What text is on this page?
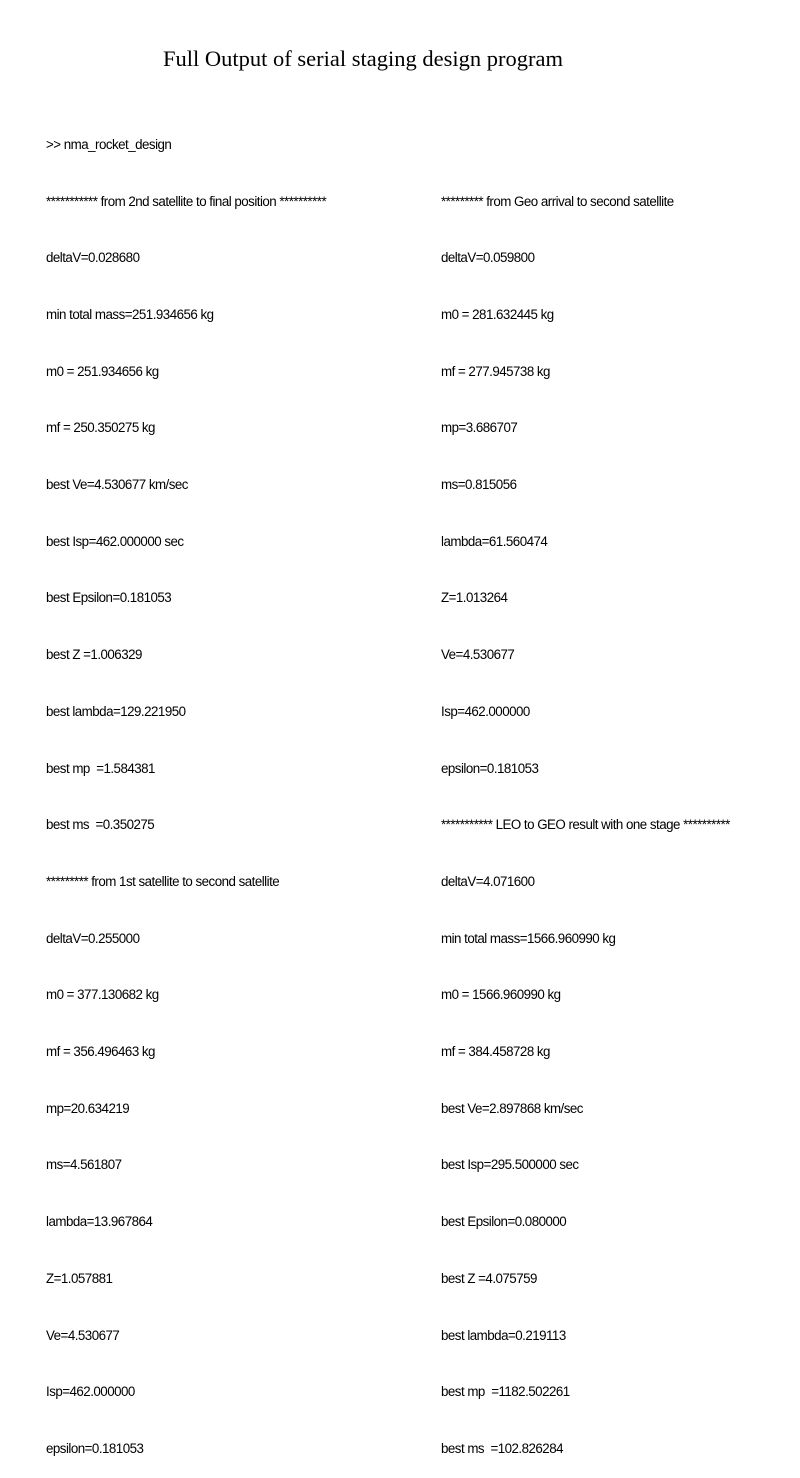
Full Output of serial staging design program

>> nma_rocket_design

*********** from 2nd satellite to final position **********

deltaV=0.028680

min total mass=251.934656 kg

m0 = 251.934656 kg

mf = 250.350275 kg

best Ve=4.530677 km/sec

best Isp=462.000000 sec

best Epsilon=0.181053

best Z =1.006329

best lambda=129.221950

best mp  =1.584381

best ms  =0.350275

********* from 1st satellite to second satellite

deltaV=0.255000

m0 = 377.130682 kg

mf = 356.496463 kg

mp=20.634219

ms=4.561807

lambda=13.967864

Z=1.057881

Ve=4.530677

Isp=462.000000

epsilon=0.181053

********* from Geo arrival to second satellite

deltaV=0.059800

m0 = 281.632445 kg

mf = 277.945738 kg

mp=3.686707

ms=0.815056

lambda=61.560474

Z=1.013264

Ve=4.530677

Isp=462.000000

epsilon=0.181053

*********** LEO to GEO result with one stage **********

deltaV=4.071600

min total mass=1566.960990 kg

m0 = 1566.960990 kg

mf = 384.458728 kg

best Ve=2.897868 km/sec

best Isp=295.500000 sec

best Epsilon=0.080000

best Z =4.075759

best lambda=0.219113

best mp  =1182.502261

best ms  =102.826284
